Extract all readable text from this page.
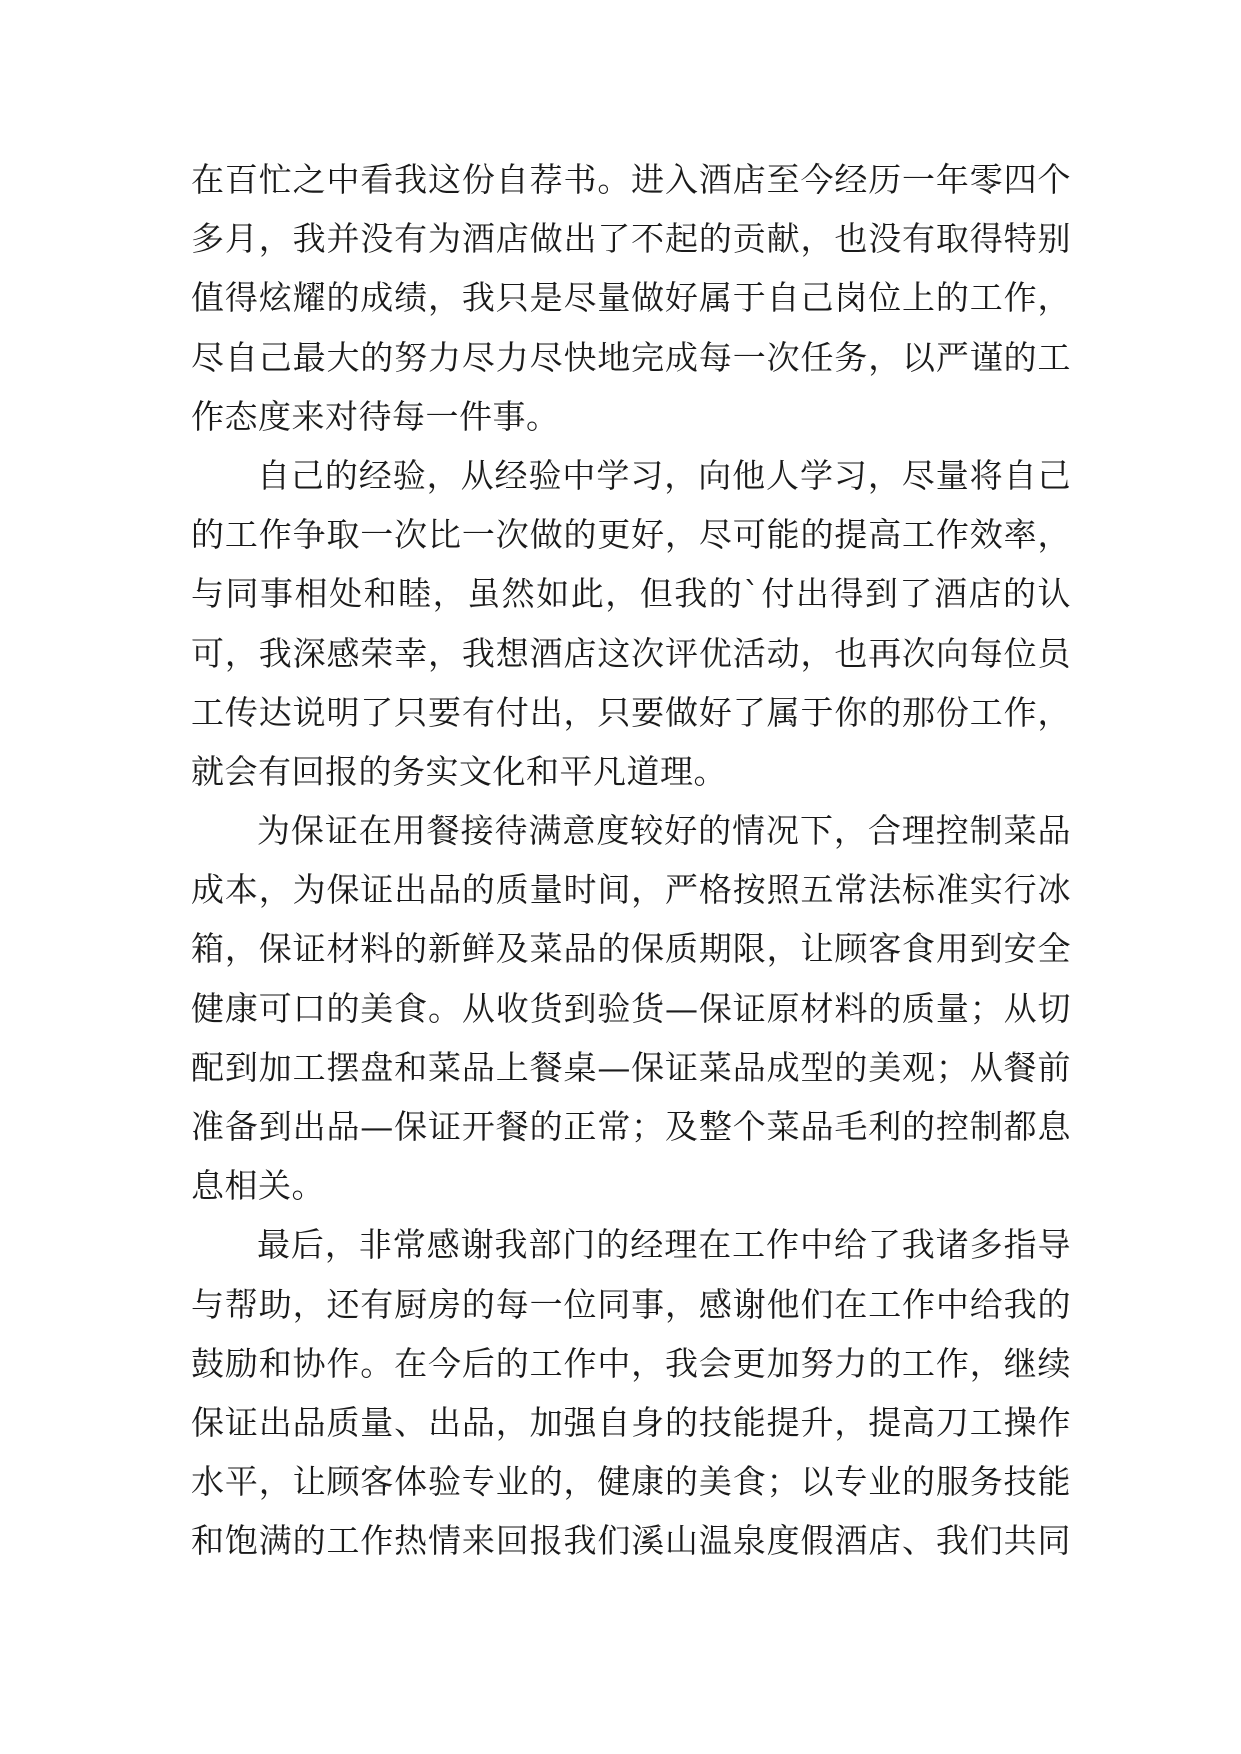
在百忙之中看我这份自荐书。进入酒店至今经历一年零四个
多月，我并没有为酒店做出了不起的贡献，也没有取得特别
值得炫耀的成绩，我只是尽量做好属于自己岗位上的工作，
尽自己最大的努力尽力尽快地完成每一次任务，以严谨的工
作态度来对待每一件事。
自己的经验，从经验中学习，向他人学习，尽量将自己
的工作争取一次比一次做的更好，尽可能的提高工作效率，
与同事相处和睦，虽然如此，但我的`付出得到了酒店的认
可，我深感荣幸，我想酒店这次评优活动，也再次向每位员
工传达说明了只要有付出，只要做好了属于你的那份工作，
就会有回报的务实文化和平凡道理。
为保证在用餐接待满意度较好的情况下，合理控制菜品
成本，为保证出品的质量时间，严格按照五常法标准实行冰
箱，保证材料的新鲜及菜品的保质期限，让顾客食用到安全
健康可口的美食。从收货到验货—保证原材料的质量；从切
配到加工摆盘和菜品上餐桌—保证菜品成型的美观；从餐前
准备到出品—保证开餐的正常；及整个菜品毛利的控制都息
息相关。
最后，非常感谢我部门的经理在工作中给了我诸多指导
与帮助，还有厨房的每一位同事，感谢他们在工作中给我的
鼓励和协作。在今后的工作中，我会更加努力的工作，继续
保证出品质量、出品，加强自身的技能提升，提高刀工操作
水平，让顾客体验专业的，健康的美食；以专业的服务技能
和饱满的工作热情来回报我们溪山温泉度假酒店、我们共同
